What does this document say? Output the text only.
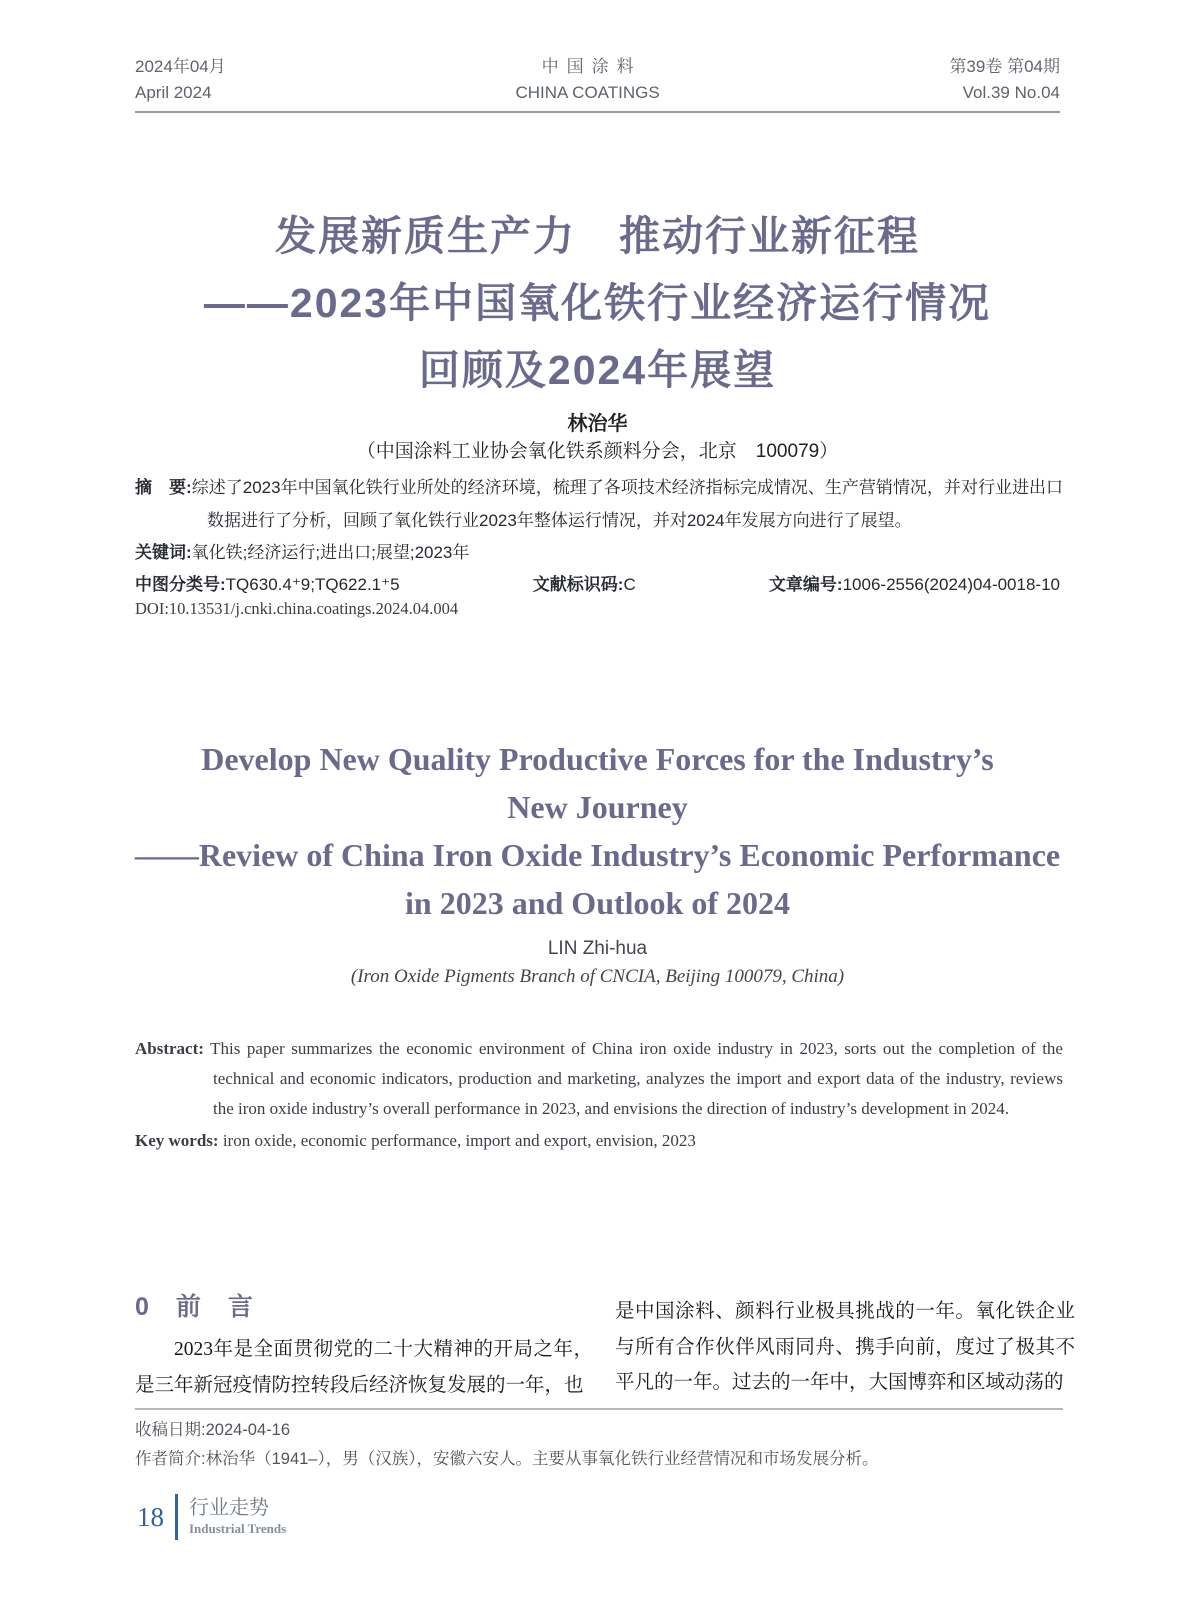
2024年04月
April 2024
中国涂料
CHINA COATINGS
第39卷 第04期
Vol.39 No.04
发展新质生产力　推动行业新征程
——2023年中国氧化铁行业经济运行情况
回顾及2024年展望
林治华
（中国涂料工业协会氧化铁系颜料分会，北京　100079）

摘　要:综述了2023年中国氧化铁行业所处的经济环境，梳理了各项技术经济指标完成情况、生产营销情况，并对行业进出口数据进行了分析，回顾了氧化铁行业2023年整体运行情况，并对2024年发展方向进行了展望。

关键词:氧化铁;经济运行;进出口;展望;2023年

中图分类号:TQ630.4⁺9;TQ622.1⁺5	文献标识码:C	文章编号:1006-2556(2024)04-0018-10
DOI:10.13531/j.cnki.china.coatings.2024.04.004
Develop New Quality Productive Forces for the Industry’s
New Journey
——Review of China Iron Oxide Industry’s Economic Performance
in 2023 and Outlook of 2024
LIN Zhi-hua
(Iron Oxide Pigments Branch of CNCIA, Beijing 100079, China)

Abstract: This paper summarizes the economic environment of China iron oxide industry in 2023, sorts out the completion of the technical and economic indicators, production and marketing, analyzes the import and export data of the industry, reviews the iron oxide industry’s overall performance in 2023, and envisions the direction of industry’s development in 2024.

Key words: iron oxide, economic performance, import and export, envision, 2023

0　前　言

2023年是全面贯彻党的二十大精神的开局之年，是三年新冠疫情防控转段后经济恢复发展的一年，也

是中国涂料、颜料行业极具挑战的一年。氧化铁企业与所有合作伙伴风雨同舟、携手向前，度过了极其不平凡的一年。过去的一年中，大国博弈和区域动荡的

收稿日期:2024-04-16
作者简介:林治华（1941–），男（汉族），安徽六安人。主要从事氧化铁行业经营情况和市场发展分析。
18 行业走势
Industrial Trends
